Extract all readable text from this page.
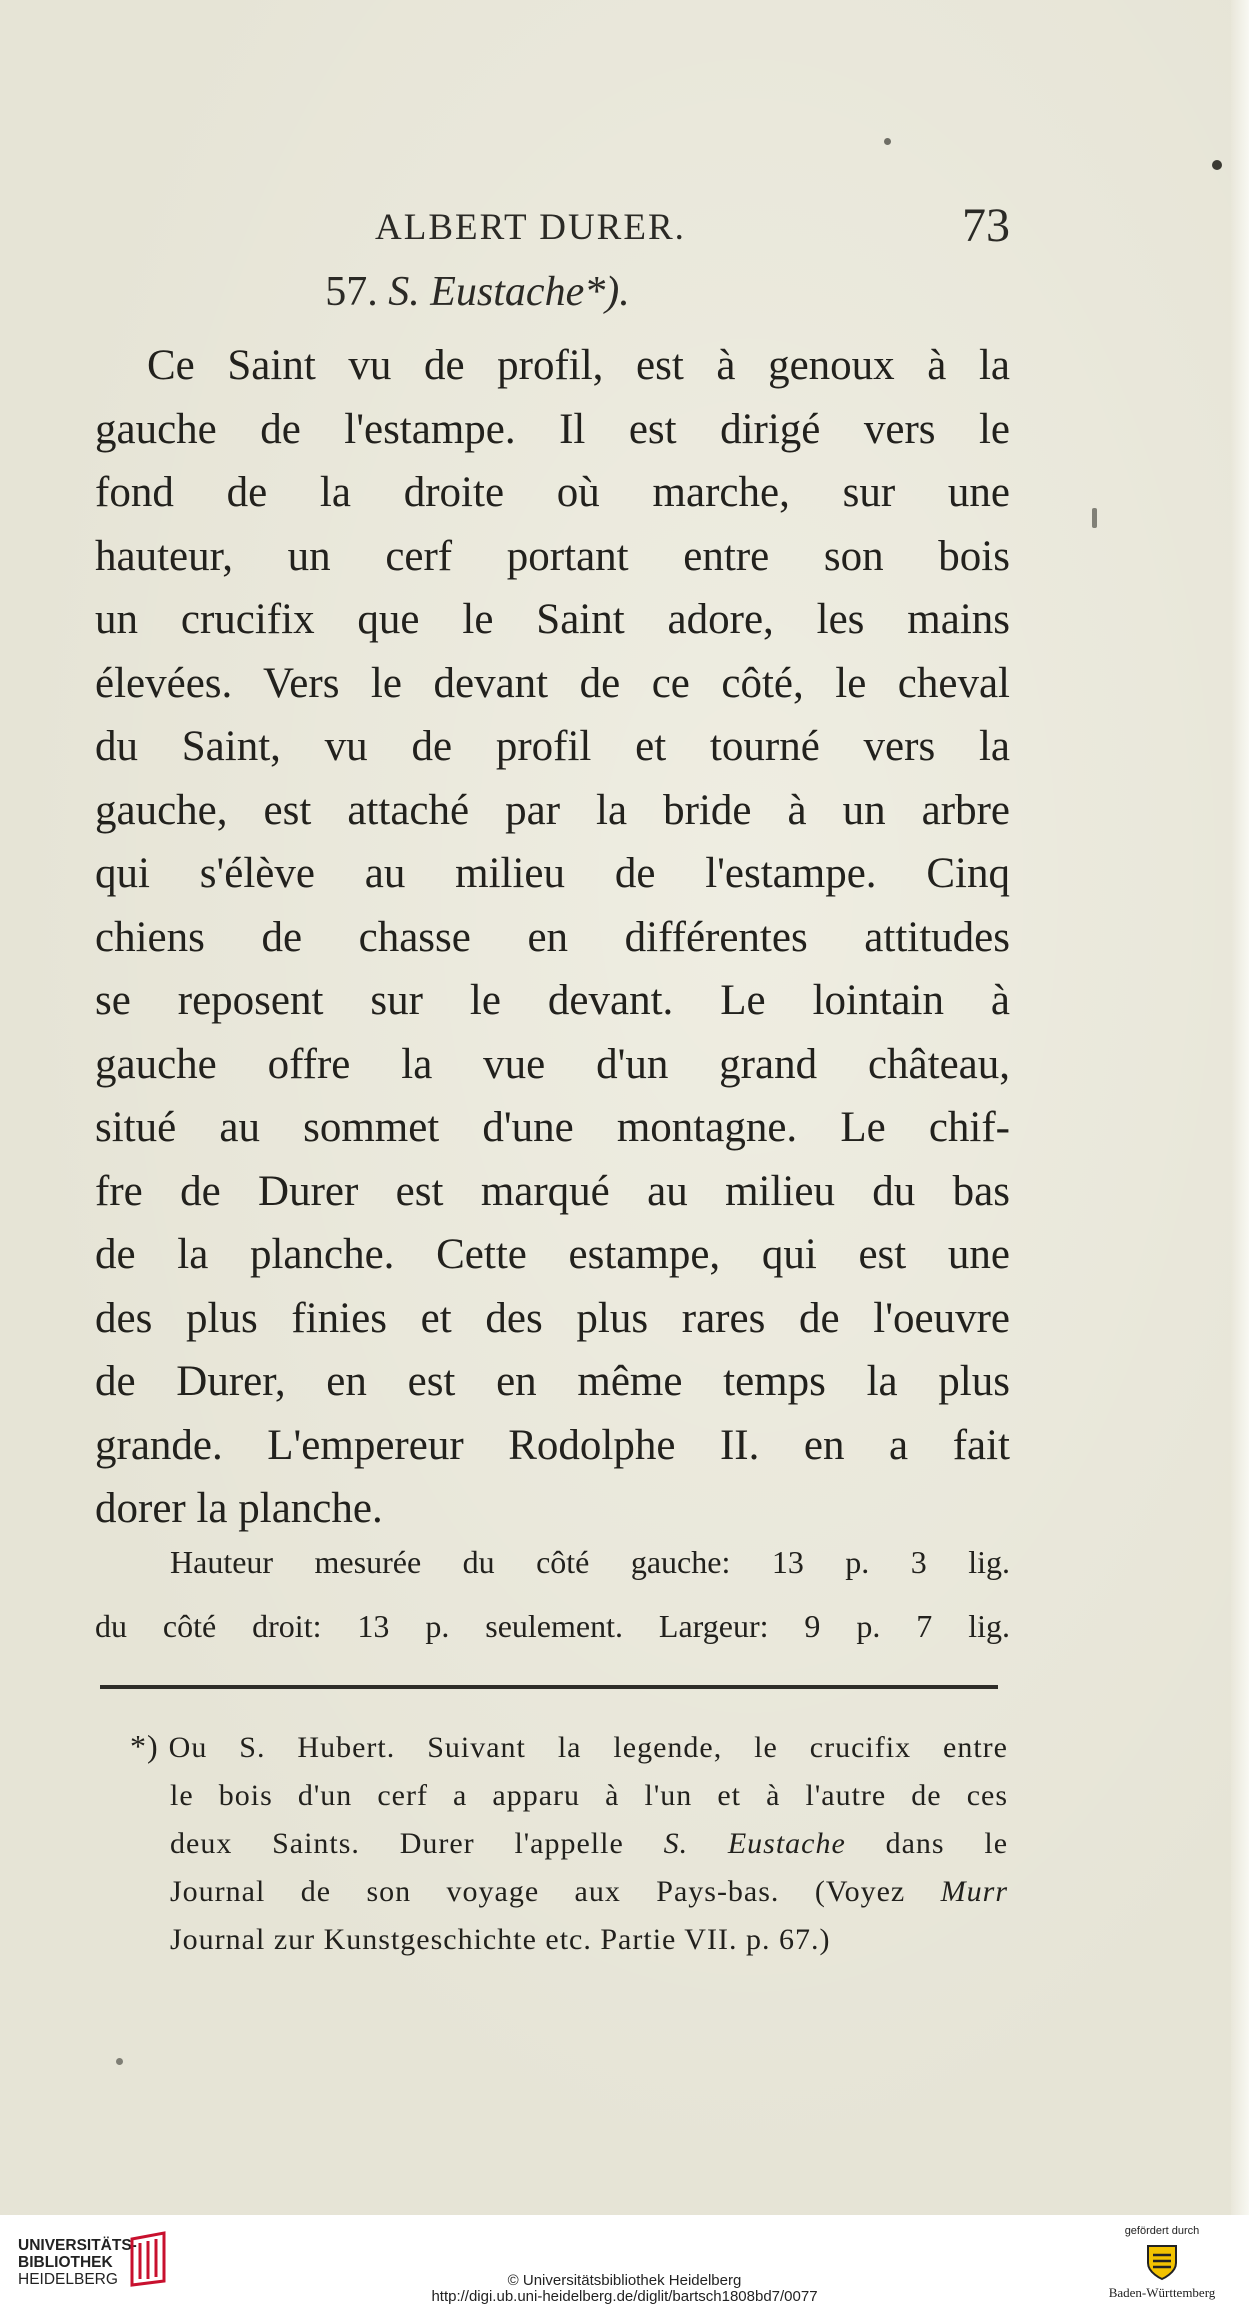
ALBERT DURER.	73
57. S. Eustache*).
Ce Saint vu de profil, est à genoux à la
gauche de l'estampe. Il est dirigé vers le
fond de la droite où marche, sur une
hauteur, un cerf portant entre son bois
un crucifix que le Saint adore, les mains
élevées. Vers le devant de ce côté, le cheval
du Saint, vu de profil et tourné vers la
gauche, est attaché par la bride à un arbre
qui s'élève au milieu de l'estampe. Cinq
chiens de chasse en différentes attitudes
se reposent sur le devant. Le lointain à
gauche offre la vue d'un grand château,
situé au sommet d'une montagne. Le chif-
fre de Durer est marqué au milieu du bas
de la planche. Cette estampe, qui est une
des plus finies et des plus rares de l'oeuvre
de Durer, en est en même temps la plus
grande. L'empereur Rodolphe II. en a fait
dorer la planche.
Hauteur mesurée du côté gauche: 13 p. 3 lig.
du côté droit: 13 p. seulement. Largeur: 9 p. 7 lig.
*) Ou S. Hubert. Suivant la legende, le crucifix entre
le bois d'un cerf a apparu à l'un et à l'autre de ces
deux Saints. Durer l'appelle S. Eustache dans le
Journal de son voyage aux Pays-bas. (Voyez Murr
Journal zur Kunstgeschichte etc. Partie VII. p. 67.)
UNIVERSITÄTS-
BIBLIOTHEK
HEIDELBERG	© Universitätsbibliothek Heidelberg
http://digi.ub.uni-heidelberg.de/diglit/bartsch1808bd7/0077
gefördert durch
Baden-Württemberg
